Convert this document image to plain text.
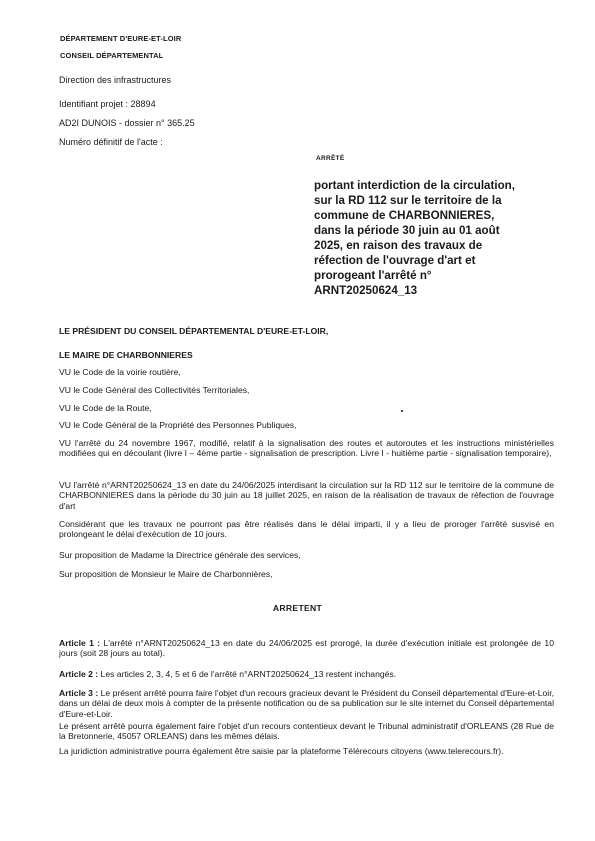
DÉPARTEMENT D'EURE-ET-LOIR
CONSEIL DÉPARTEMENTAL
Direction des infrastructures
Identifiant projet : 28894
AD2I DUNOIS - dossier n° 365.25
Numéro définitif de l'acte :
ARRÊTÉ
portant interdiction de la circulation,
sur la RD 112 sur le territoire de la
commune de CHARBONNIERES,
dans la période 30 juin au 01 août
2025, en raison des travaux de
réfection de l'ouvrage d'art et
prorogeant l'arrêté n°
ARNT20250624_13
LE PRÉSIDENT DU CONSEIL DÉPARTEMENTAL D'EURE-ET-LOIR,
LE MAIRE DE CHARBONNIERES
VU le Code de la voirie routière,
VU le Code Général des Collectivités Territoriales,
VU le Code de la Route,
VU le Code Général de la Propriété des Personnes Publiques,
VU l'arrêté du 24 novembre 1967, modifié, relatif à la signalisation des routes et autoroutes et les instructions ministérielles modifiées qui en découlant (livre I – 4ème partie - signalisation de prescription. Livre I - huitième partie - signalisation temporaire),
VU l'arrêté n°ARNT20250624_13 en date du 24/06/2025 interdisant la circulation sur la RD 112 sur le territoire de la commune de CHARBONNIERES dans la période du 30 juin au 18 juillet 2025, en raison de la réalisation de travaux de réfection de l'ouvrage d'art
Considérant que les travaux ne pourront pas être réalisés dans le délai imparti, il y a lieu de proroger l'arrêté susvisé en prolongeant le délai d'exécution de 10 jours.
Sur proposition de Madame la Directrice générale des services,
Sur proposition de Monsieur le Maire de Charbonnières,
ARRETENT
Article 1 : L'arrêté n°ARNT20250624_13 en date du 24/06/2025 est prorogé, la durée d'exécution initiale est prolongée de 10 jours (soit 28 jours au total).
Article 2 : Les articles 2, 3, 4, 5 et 6 de l'arrêté n°ARNT20250624_13 restent inchangés.
Article 3 : Le présent arrêté pourra faire l'objet d'un recours gracieux devant le Président du Conseil départemental d'Eure-et-Loir, dans un délai de deux mois à compter de la présente notification ou de sa publication sur le site internet du Conseil départemental d'Eure-et-Loir.
Le présent arrêté pourra également faire l'objet d'un recours contentieux devant le Tribunal administratif d'ORLEANS (28 Rue de la Bretonnerie, 45057 ORLEANS) dans les mêmes délais.
La juridiction administrative pourra également être saisie par la plateforme Télérecours citoyens (www.telerecours.fr).
